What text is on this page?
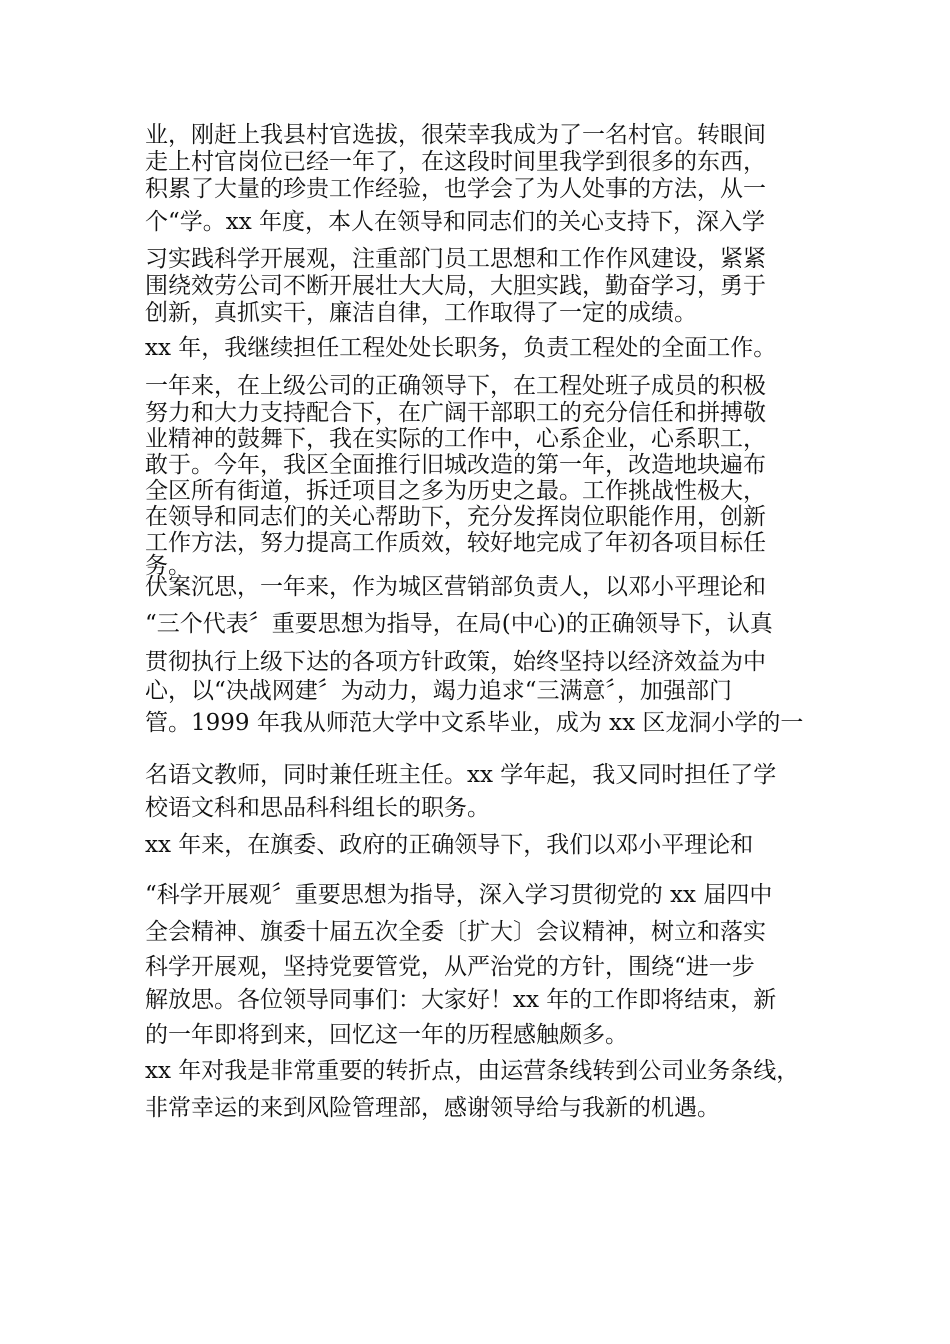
业，刚赶上我县村官选拔，很荣幸我成为了一名村官。转眼间
走上村官岗位已经一年了，在这段时间里我学到很多的东西，
积累了大量的珍贵工作经验，也学会了为人处事的方法，从一
个“学。xx 年度，本人在领导和同志们的关心支持下，深入学
习实践科学开展观，注重部门员工思想和工作作风建设，紧紧
围绕效劳公司不断开展壮大大局，大胆实践，勤奋学习，勇于
创新，真抓实干，廉洁自律，工作取得了一定的成绩。
xx 年，我继续担任工程处处长职务，负责工程处的全面工作。
一年来，在上级公司的正确领导下，在工程处班子成员的积极
努力和大力支持配合下，在广阔干部职工的充分信任和拼搏敬
业精神的鼓舞下，我在实际的工作中，心系企业，心系职工，
敢于。今年，我区全面推行旧城改造的第一年，改造地块遍布
全区所有街道，拆迁项目之多为历史之最。工作挑战性极大，
在领导和同志们的关心帮助下，充分发挥岗位职能作用，创新
工作方法，努力提高工作质效，较好地完成了年初各项目标任
务。
伏案沉思，一年来，作为城区营销部负责人，以邓小平理论和
“三个代表〞重要思想为指导，在局(中心)的正确领导下，认真
贯彻执行上级下达的各项方针政策，始终坚持以经济效益为中
心，以“决战网建〞为动力，竭力追求“三满意〞，加强部门
管。1999 年我从师范大学中文系毕业，成为 xx 区龙洞小学的一
名语文教师，同时兼任班主任。xx 学年起，我又同时担任了学
校语文科和思品科科组长的职务。
xx 年来，在旗委、政府的正确领导下，我们以邓小平理论和
“科学开展观〞重要思想为指导，深入学习贯彻党的 xx 届四中
全会精神、旗委十届五次全委〔扩大〕会议精神，树立和落实
科学开展观，坚持党要管党，从严治党的方针，围绕“进一步
解放思。各位领导同事们：大家好！xx 年的工作即将结束，新
的一年即将到来，回忆这一年的历程感触颇多。
xx 年对我是非常重要的转折点，由运营条线转到公司业务条线，
非常幸运的来到风险管理部，感谢领导给与我新的机遇。
